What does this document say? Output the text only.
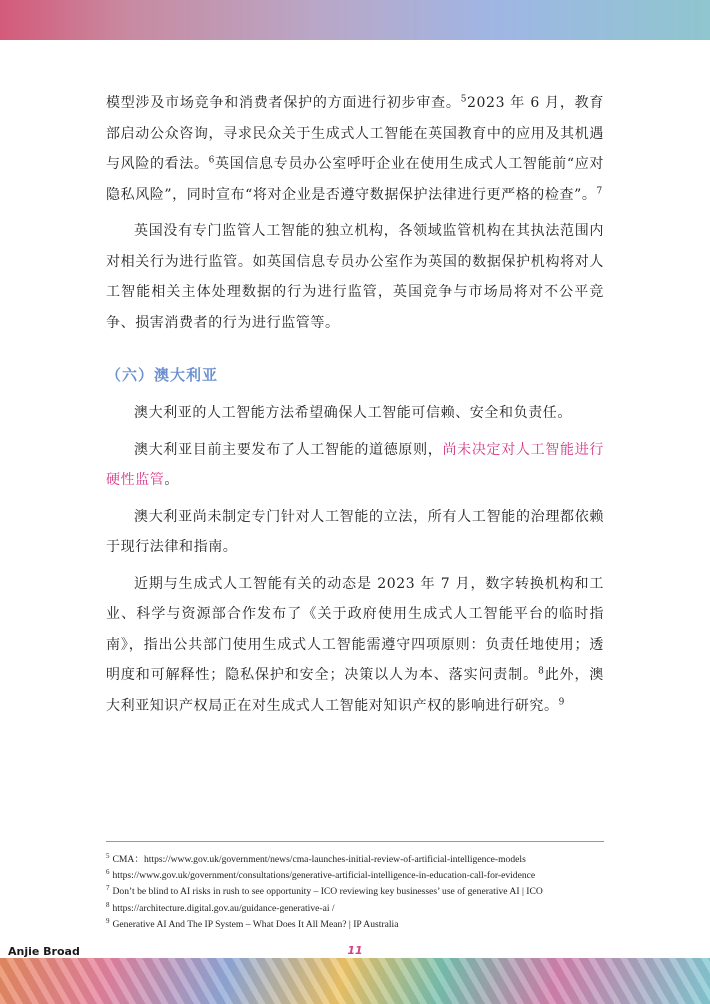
模型涉及市场竞争和消费者保护的方面进行初步审查。$^5$2023 年 6 月，教育部启动公众咨询，寻求民众关于生成式人工智能在英国教育中的应用及其机遇与风险的看法。$^6$英国信息专员办公室呼吁企业在使用生成式人工智能前“应对隐私风险”，同时宣布“将对企业是否遵守数据保护法律进行更严格的检查”。$^7$

英国没有专门监管人工智能的独立机构，各领域监管机构在其执法范围内对相关行为进行监管。如英国信息专员办公室作为英国的数据保护机构将对人工智能相关主体处理数据的行为进行监管，英国竞争与市场局将对不公平竞争、损害消费者的行为进行监管等。

（六）澳大利亚

澳大利亚的人工智能方法希望确保人工智能可信赖、安全和负责任。

澳大利亚目前主要发布了人工智能的道德原则，尚未决定对人工智能进行硬性监管。

澳大利亚尚未制定专门针对人工智能的立法，所有人工智能的治理都依赖于现行法律和指南。

近期与生成式人工智能有关的动态是 2023 年 7 月，数字转换机构和工业、科学与资源部合作发布了《关于政府使用生成式人工智能平台的临时指南》，指出公共部门使用生成式人工智能需遵守四项原则：负责任地使用；透明度和可解释性；隐私保护和安全；决策以人为本、落实问责制。$^8$此外，澳大利亚知识产权局正在对生成式人工智能对知识产权的影响进行研究。$^9$

$^5$ CMA：https://www.gov.uk/government/news/cma-launches-initial-review-of-artificial-intelligence-models
$^6$ https://www.gov.uk/government/consultations/generative-artificial-intelligence-in-education-call-for-evidence
$^7$ Don’t be blind to AI risks in rush to see opportunity – ICO reviewing key businesses’ use of generative AI | ICO
$^8$ https://architecture.digital.gov.au/guidance-generative-ai /
$^9$ Generative AI And The IP System – What Does It All Mean? | IP Australia
Anjie Broad	11
